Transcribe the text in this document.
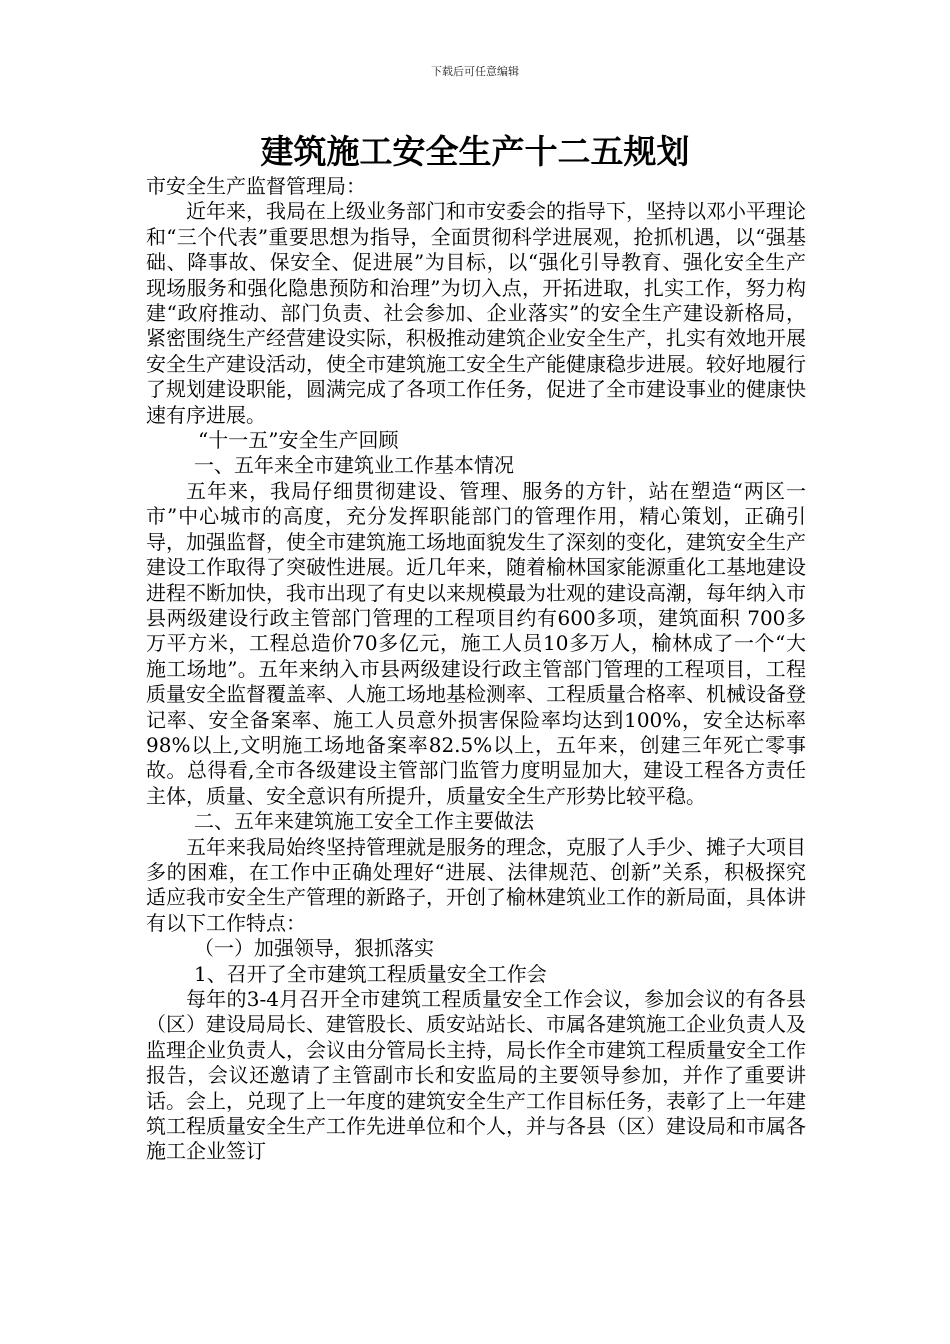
下载后可任意编辑
建筑施工安全生产十二五规划

市安全生产监督管理局：

近年来，我局在上级业务部门和市安委会的指导下，坚持以邓小平理论和“三个代表”重要思想为指导，全面贯彻科学进展观，抢抓机遇，以“强基础、降事故、保安全、促进展”为目标，以“强化引导教育、强化安全生产现场服务和强化隐患预防和治理”为切入点，开拓进取，扎实工作，努力构建“政府推动、部门负责、社会参加、企业落实”的安全生产建设新格局，紧密围绕生产经营建设实际，积极推动建筑企业安全生产，扎实有效地开展安全生产建设活动，使全市建筑施工安全生产能健康稳步进展。较好地履行了规划建设职能，圆满完成了各项工作任务，促进了全市建设事业的健康快速有序进展。

“十一五”安全生产回顾

一、五年来全市建筑业工作基本情况

五年来，我局仔细贯彻建设、管理、服务的方针，站在塑造“两区一市”中心城市的高度，充分发挥职能部门的管理作用，精心策划，正确引导，加强监督，使全市建筑施工场地面貌发生了深刻的变化，建筑安全生产建设工作取得了突破性进展。近几年来，随着榆林国家能源重化工基地建设进程不断加快，我市出现了有史以来规模最为壮观的建设高潮，每年纳入市县两级建设行政主管部门管理的工程项目约有600多项，建筑面积 700多万平方米，工程总造价70多亿元，施工人员10多万人，榆林成了一个“大施工场地”。五年来纳入市县两级建设行政主管部门管理的工程项目，工程质量安全监督覆盖率、人施工场地基检测率、工程质量合格率、机械设备登记率、安全备案率、施工人员意外损害保险率均达到100%，安全达标率98%以上,文明施工场地备案率82.5%以上，五年来，创建三年死亡零事故。总得看,全市各级建设主管部门监管力度明显加大，建设工程各方责任主体，质量、安全意识有所提升，质量安全生产形势比较平稳。

二、五年来建筑施工安全工作主要做法

五年来我局始终坚持管理就是服务的理念，克服了人手少、摊子大项目多的困难，在工作中正确处理好“进展、法律规范、创新”关系，积极探究适应我市安全生产管理的新路子，开创了榆林建筑业工作的新局面，具体讲有以下工作特点：

（一）加强领导，狠抓落实

1、召开了全市建筑工程质量安全工作会

每年的3-4月召开全市建筑工程质量安全工作会议，参加会议的有各县（区）建设局局长、建管股长、质安站站长、市属各建筑施工企业负责人及监理企业负责人，会议由分管局长主持，局长作全市建筑工程质量安全工作报告，会议还邀请了主管副市长和安监局的主要领导参加，并作了重要讲话。会上，兑现了上一年度的建筑安全生产工作目标任务，表彰了上一年建筑工程质量安全生产工作先进单位和个人，并与各县（区）建设局和市属各施工企业签订
